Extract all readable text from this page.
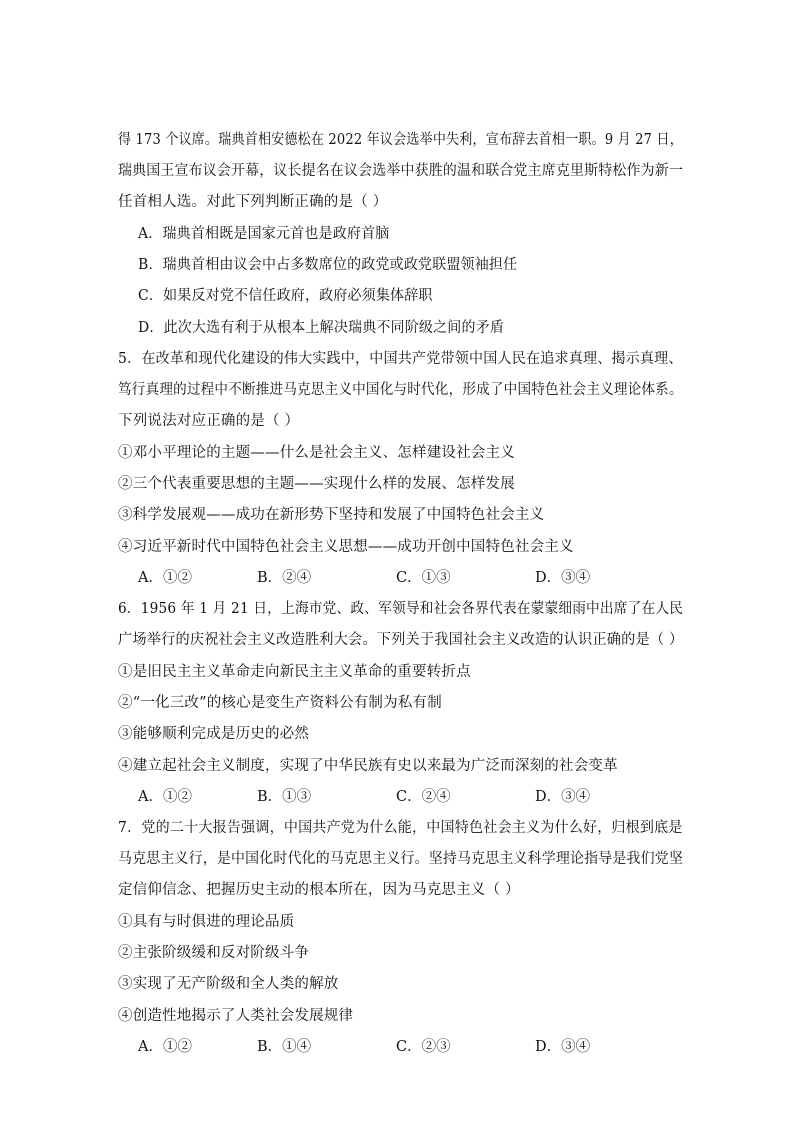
得 173 个议席。瑞典首相安德松在 2022 年议会选举中失利，宣布辞去首相一职。9 月 27 日，
瑞典国王宣布议会开幕，议长提名在议会选举中获胜的温和联合党主席克里斯特松作为新一
任首相人选。对此下列判断正确的是（ ）
A．瑞典首相既是国家元首也是政府首脑
B．瑞典首相由议会中占多数席位的政党或政党联盟领袖担任
C．如果反对党不信任政府，政府必须集体辞职
D．此次大选有利于从根本上解决瑞典不同阶级之间的矛盾
5．在改革和现代化建设的伟大实践中，中国共产党带领中国人民在追求真理、揭示真理、
笃行真理的过程中不断推进马克思主义中国化与时代化，形成了中国特色社会主义理论体系。
下列说法对应正确的是（ ）
①邓小平理论的主题——什么是社会主义、怎样建设社会主义
②三个代表重要思想的主题——实现什么样的发展、怎样发展
③科学发展观——成功在新形势下坚持和发展了中国特色社会主义
④习近平新时代中国特色社会主义思想——成功开创中国特色社会主义
A．①②	B．②④	C．①③	D．③④
6．1956 年 1 月 21 日，上海市党、政、军领导和社会各界代表在蒙蒙细雨中出席了在人民
广场举行的庆祝社会主义改造胜利大会。下列关于我国社会主义改造的认识正确的是（ ）
①是旧民主主义革命走向新民主主义革命的重要转折点
②“一化三改”的核心是变生产资料公有制为私有制
③能够顺利完成是历史的必然
④建立起社会主义制度，实现了中华民族有史以来最为广泛而深刻的社会变革
A．①②	B．①③	C．②④	D．③④
7．党的二十大报告强调，中国共产党为什么能，中国特色社会主义为什么好，归根到底是
马克思主义行，是中国化时代化的马克思主义行。坚持马克思主义科学理论指导是我们党坚
定信仰信念、把握历史主动的根本所在，因为马克思主义（ ）
①具有与时俱进的理论品质
②主张阶级缓和反对阶级斗争
③实现了无产阶级和全人类的解放
④创造性地揭示了人类社会发展规律
A．①②	B．①④	C．②③	D．③④
